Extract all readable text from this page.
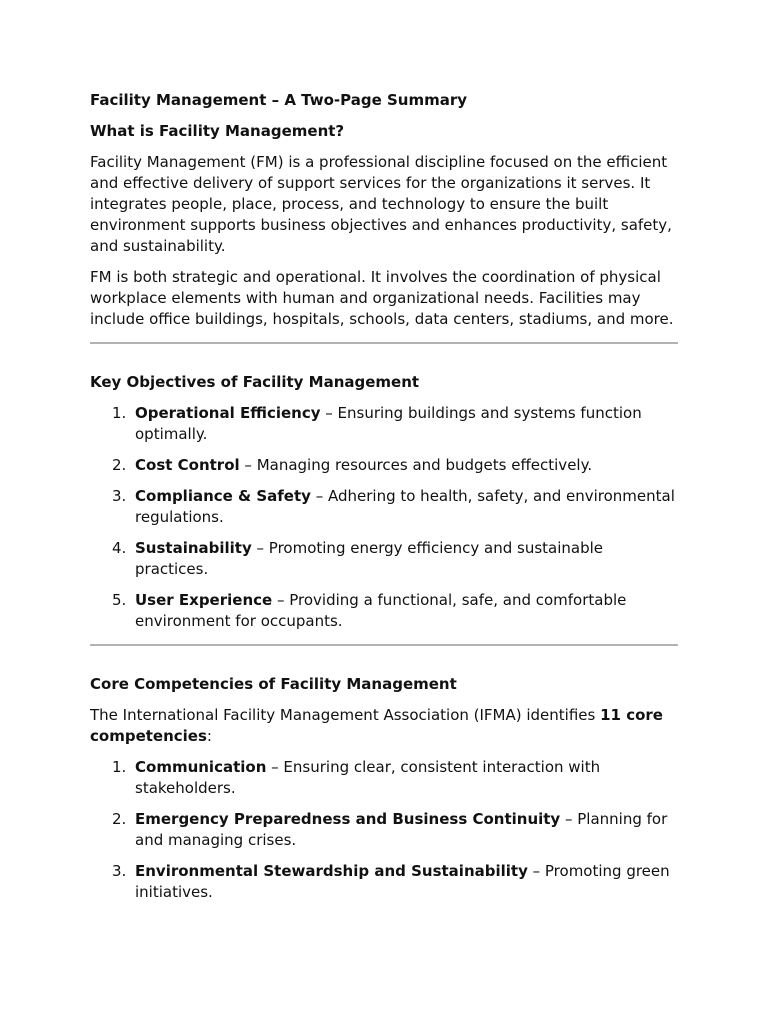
Facility Management – A Two-Page Summary
What is Facility Management?

Facility Management (FM) is a professional discipline focused on the efficient and effective delivery of support services for the organizations it serves. It integrates people, place, process, and technology to ensure the built environment supports business objectives and enhances productivity, safety, and sustainability.

FM is both strategic and operational. It involves the coordination of physical workplace elements with human and organizational needs. Facilities may include office buildings, hospitals, schools, data centers, stadiums, and more.

Key Objectives of Facility Management
1. Operational Efficiency – Ensuring buildings and systems function optimally.
2. Cost Control – Managing resources and budgets effectively.
3. Compliance & Safety – Adhering to health, safety, and environmental regulations.
4. Sustainability – Promoting energy efficiency and sustainable practices.
5. User Experience – Providing a functional, safe, and comfortable environment for occupants.
Core Competencies of Facility Management

The International Facility Management Association (IFMA) identifies 11 core competencies:

1. Communication – Ensuring clear, consistent interaction with stakeholders.
2. Emergency Preparedness and Business Continuity – Planning for and managing crises.
3. Environmental Stewardship and Sustainability – Promoting green initiatives.
